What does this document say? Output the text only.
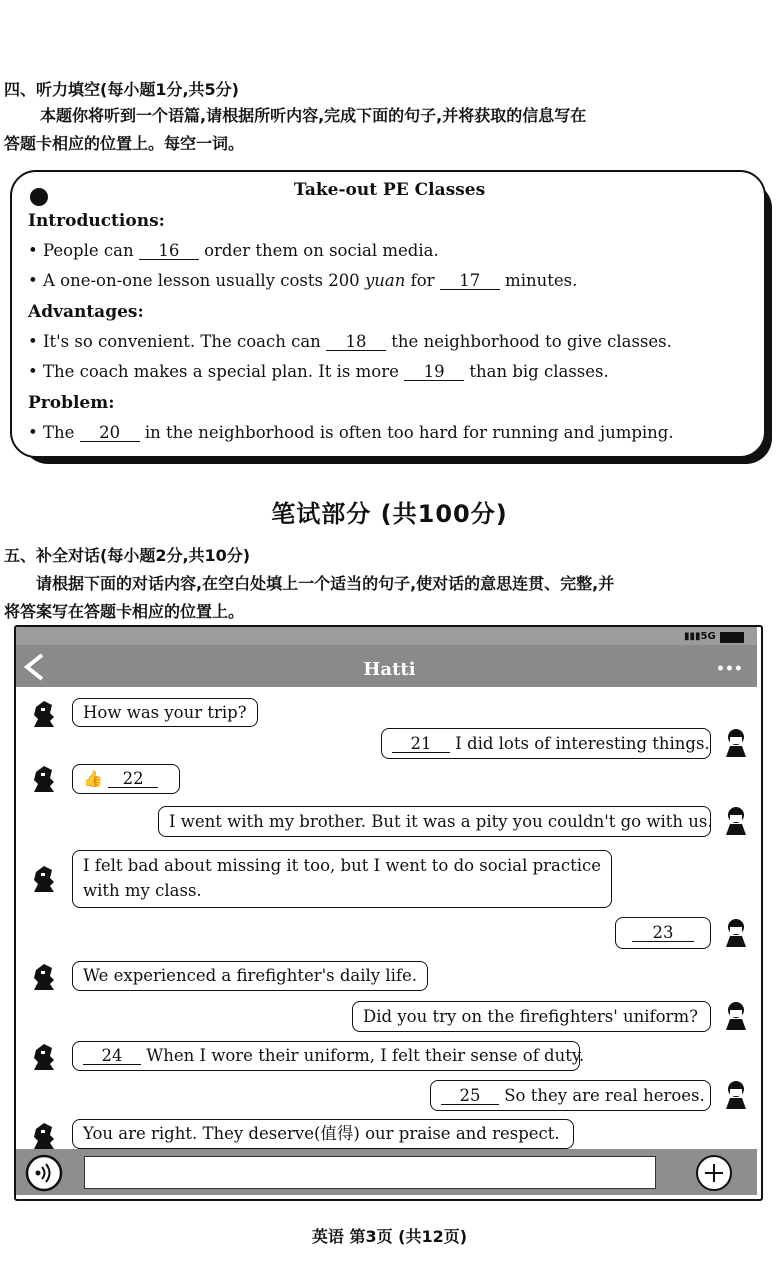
四、听力填空(每小题1分,共5分)
本题你将听到一个语篇,请根据所听内容,完成下面的句子,并将获取的信息写在
答题卡相应的位置上。每空一词。
Take-out PE Classes
Introductions:
• People can 16 order them on social media.
• A one-on-one lesson usually costs 200 yuan for 17 minutes.
Advantages:
• It's so convenient. The coach can 18 the neighborhood to give classes.
• The coach makes a special plan. It is more 19 than big classes.
Problem:
• The 20 in the neighborhood is often too hard for running and jumping.
笔试部分 (共100分)
五、补全对话(每小题2分,共10分)
请根据下面的对话内容,在空白处填上一个适当的句子,使对话的意思连贯、完整,并
将答案写在答题卡相应的位置上。
▮▮▮5G
Hatti	•••
How was your trip?
21 I did lots of interesting things.
👍 22
I went with my brother. But it was a pity you couldn't go with us.
I felt bad about missing it too, but I went to do social practice
with my class.
23
We experienced a firefighter's daily life.
Did you try on the firefighters' uniform?
24 When I wore their uniform, I felt their sense of duty.
25 So they are real heroes.
You are right. They deserve(值得) our praise and respect.
英语 第3页 (共12页)
